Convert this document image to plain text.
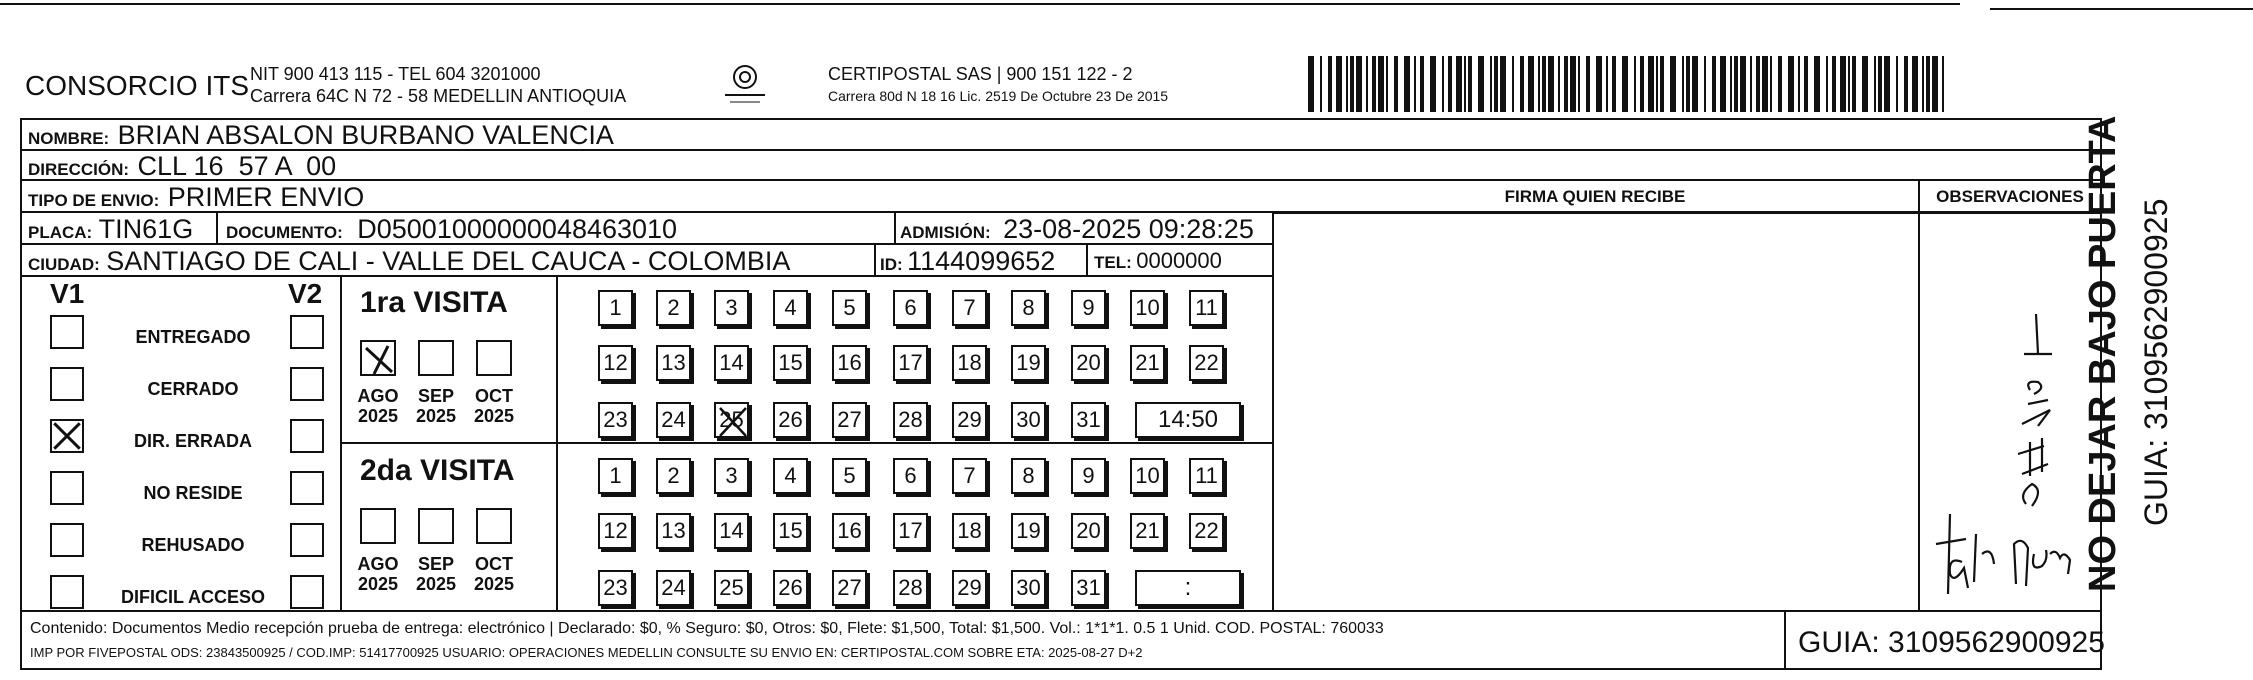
CONSORCIO ITS NIT 900 413 115 - TEL 604 3201000
Carrera 64C N 72 - 58 MEDELLIN ANTIOQUIA
CERTIPOSTAL SAS | 900 151 122 - 2
Carrera 80d N 18 16 Lic. 2519 De Octubre 23 De 2015
NOMBRE: BRIAN ABSALON BURBANO VALENCIA
DIRECCIÓN: CLL 16  57 A  00
TIPO DE ENVIO: PRIMER ENVIO	FIRMA QUIEN RECIBE	OBSERVACIONES
PLACA: TIN61G DOCUMENTO: D05001000000048463010	ADMISIÓN: 23-08-2025 09:28:25
CIUDAD: SANTIAGO DE CALI - VALLE DEL CAUCA - COLOMBIA	ID: 1144099652 TEL: 0000000
V1	V2
ENTREGADO
CERRADO
DIR. ERRADA
NO RESIDE
REHUSADO
DIFICIL ACCESO
1ra VISITA
AGO
2025
SEP
2025
OCT
2025
1	2	3	4	5	6	7	8	9	10 11
12 13 14 15 16 17 18 19 20 21 22
23 24 25 26 27 28 29 30 31	14:50
2da VISITA
AGO
2025
SEP
2025
OCT
2025
1	2	3	4	5	6	7	8	9	10 11
12 13 14 15 16 17 18 19 20 21 22
23 24 25 26 27 28 29 30 31	:	NO DEJAR BAJO PUERTA GUIA: 3109562900925
Contenido: Documentos Medio recepción prueba de entrega: electrónico | Declarado: $0, % Seguro: $0, Otros: $0, Flete: $1,500, Total: $1,500. Vol.: 1*1*1. 0.5 1 Unid. COD. POSTAL: 760033
IMP POR FIVEPOSTAL ODS: 23843500925 / COD.IMP: 51417700925 USUARIO: OPERACIONES MEDELLIN CONSULTE SU ENVIO EN: CERTIPOSTAL.COM SOBRE ETA: 2025-08-27 D+2	GUIA: 3109562900925
